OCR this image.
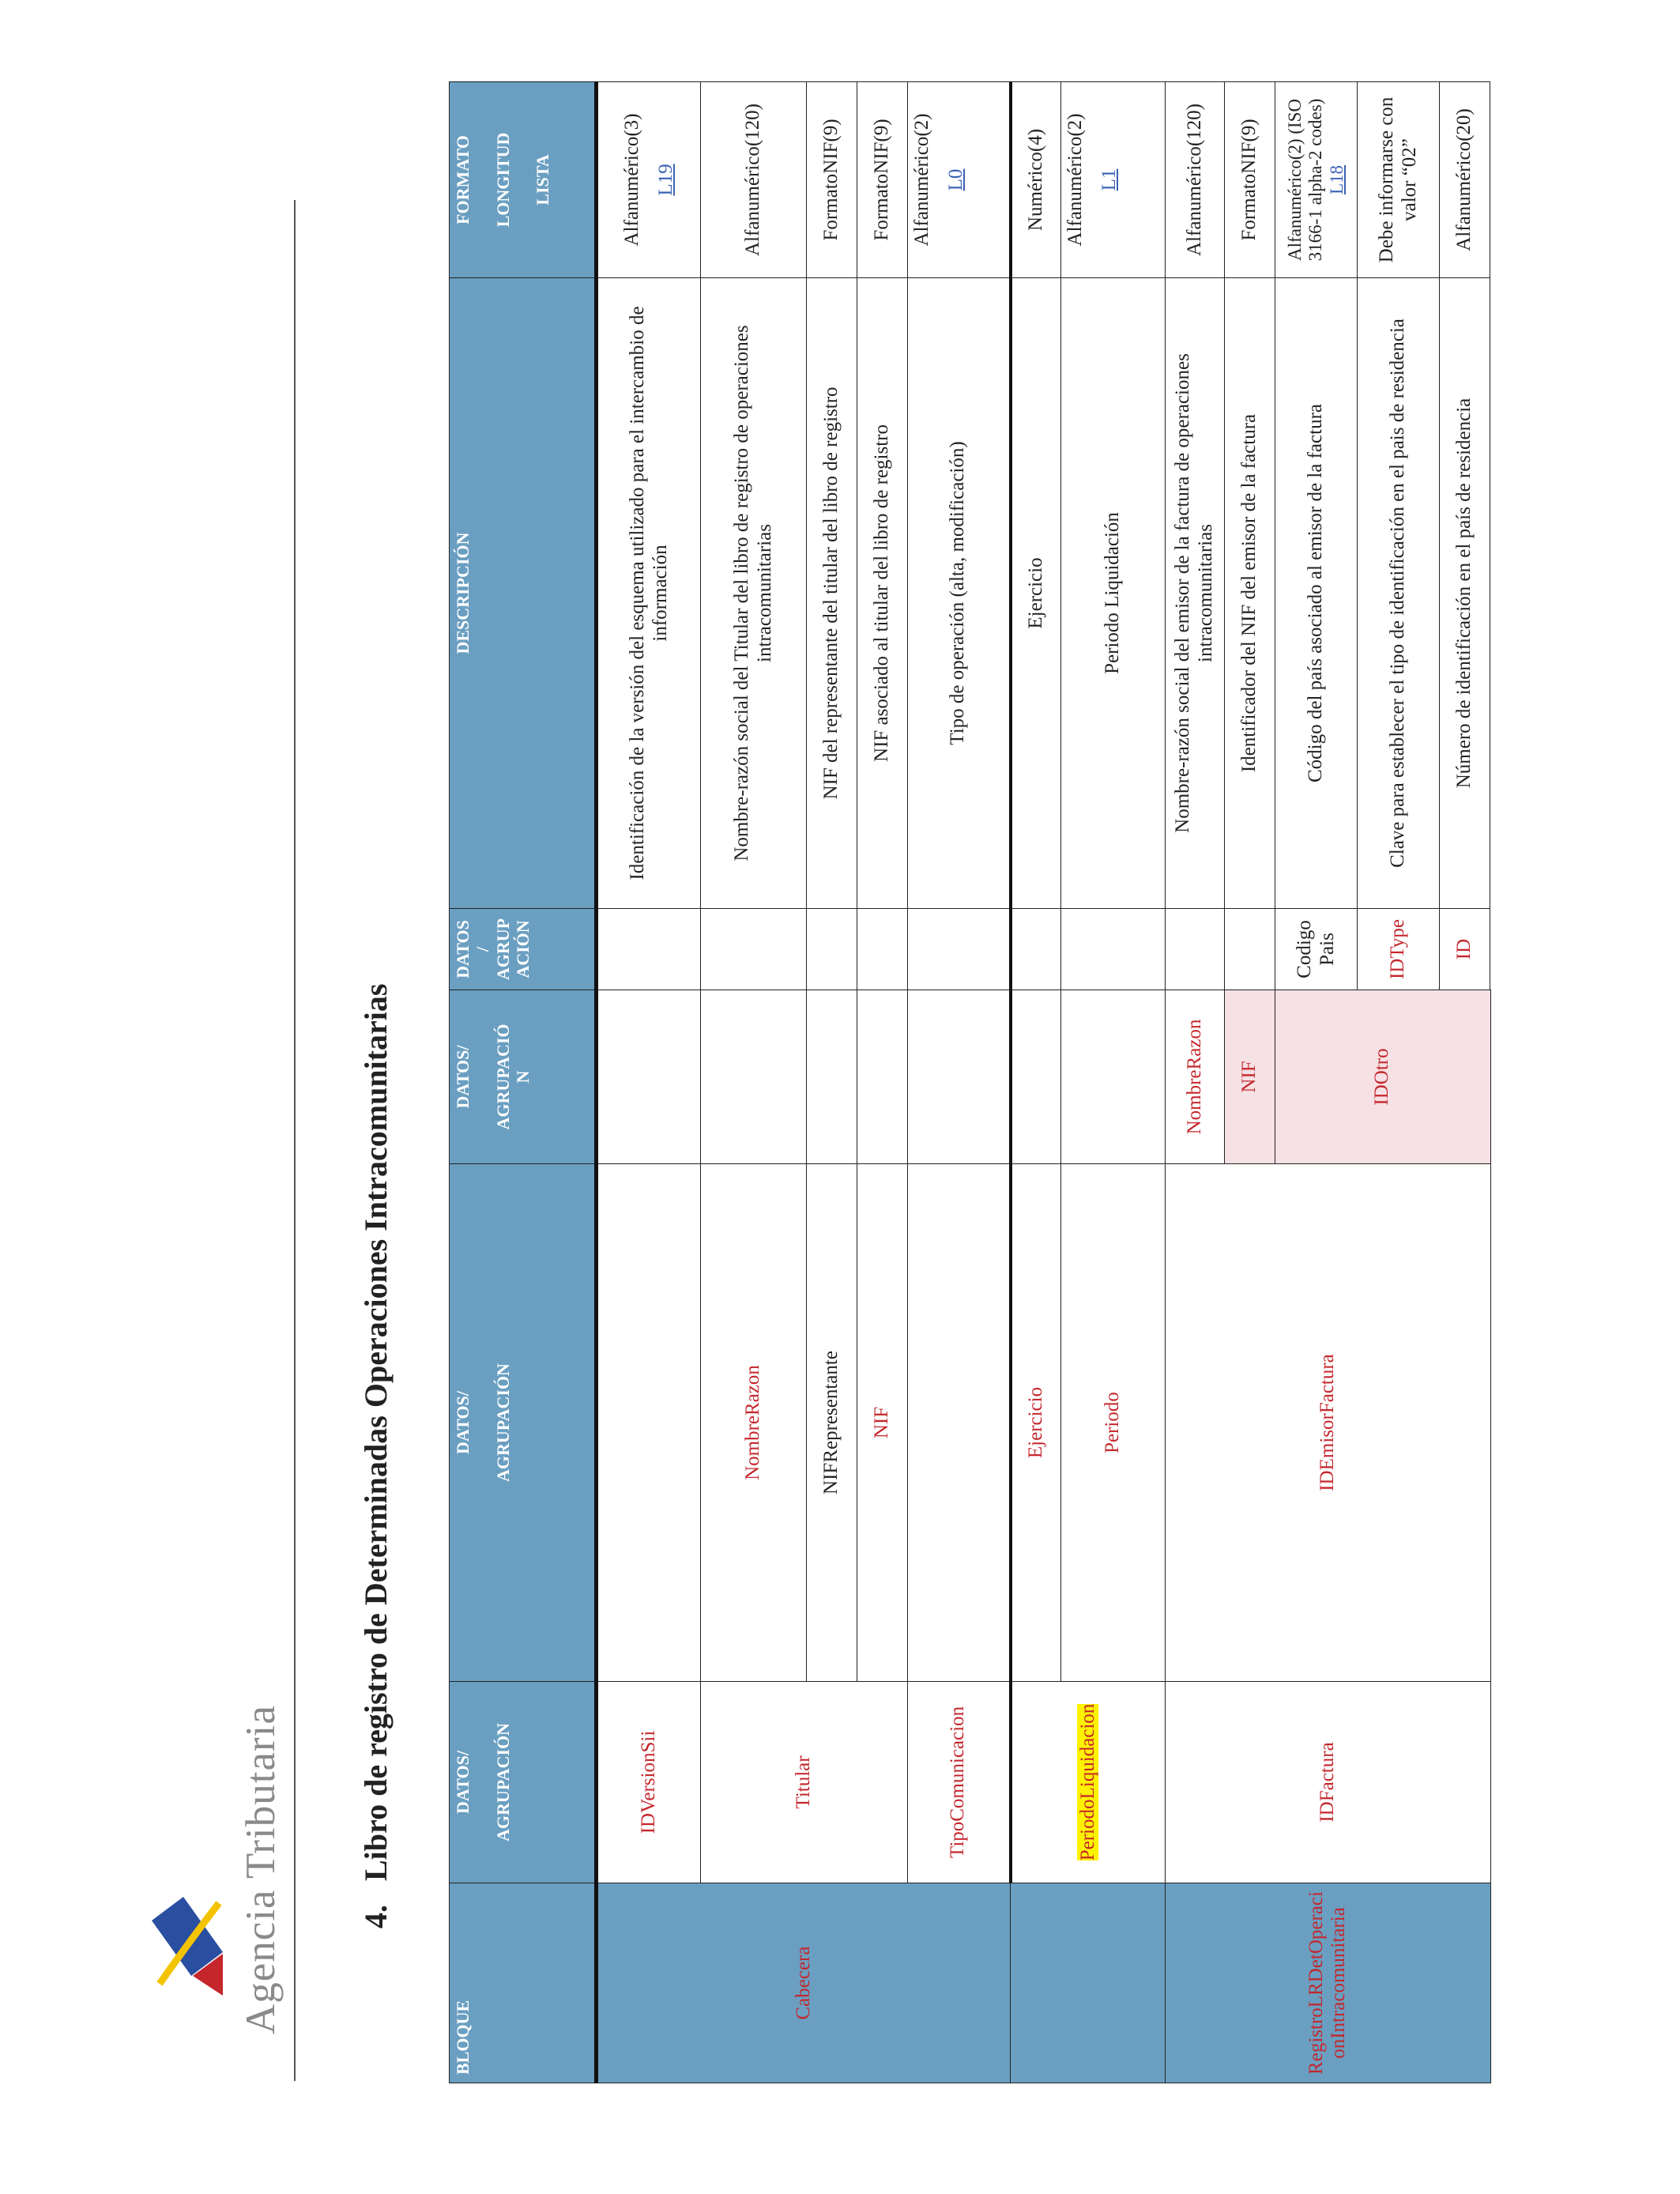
Agencia Tributaria 4.   Libro de registro de Determinadas Operaciones Intracomunitarias
BLOQUE	DATOS/ AGRUPACIÓN	DATOS/ AGRUPACIÓN	DATOS/ AGRUPACIÓ N	DATOS / AGRUP ACIÓN	DESCRIPCIÓN	FORMATO LONGITUD LISTA

Cabecera	IDVersionSii				Identificación de la versión del esquema utilizado para el intercambio de información	Alfanumérico(3) L19

	Titular	NombreRazon			Nombre-razón social del Titular del libro de registro de operaciones intracomunitarias	Alfanumérico(120)
		NIFRepresentante			NIF del representante del titular del libro de registro	FormatoNIF(9)
		NIF			NIF asociado al titular del libro de registro	FormatoNIF(9)
	TipoComunicacion				Tipo de operación (alta, modificación)	Alfanumérico(2) L0

	PeriodoLiquidacion	Ejercicio			Ejercicio	Numérico(4)
		Periodo			Periodo Liquidación	Alfanumérico(2) L1

RegistroLRDetOperacionIntracomunitaria	IDFactura	IDEmisorFactura	NombreRazon		Nombre-razón social del emisor de la factura de operaciones intracomunitarias	Alfanumérico(120)
			NIF		Identificador del NIF del emisor de la factura	FormatoNIF(9)
			IDOtro	Codigo Pais	Código del país asociado al emisor de la factura	Alfanumérico(2) (ISO 3166-1 alpha-2 codes) L18

				IDType	Clave para establecer el tipo de identificación en el pais de residencia	Debe informarse con valor “02”
				ID	Número de identificación en el país de residencia	Alfanumérico(20)
